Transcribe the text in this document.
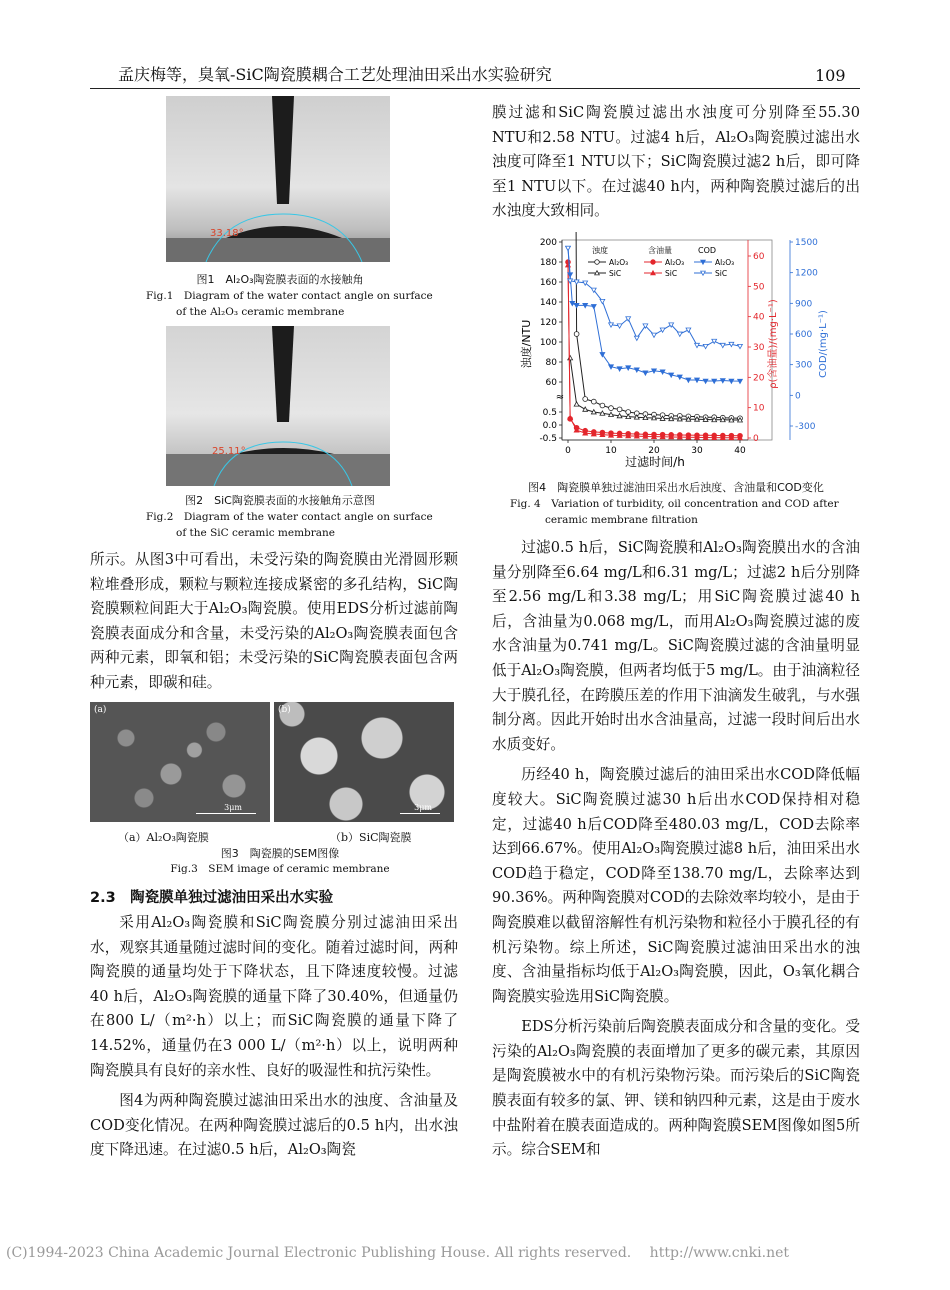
孟庆梅等，臭氧-SiC陶瓷膜耦合工艺处理油田采出水实验研究	109
33.18°
图1　Al₂O₃陶瓷膜表面的水接触角
Fig.1　Diagram of the water contact angle on surface
of the Al₂O₃ ceramic membrane
25.11°
图2　SiC陶瓷膜表面的水接触角示意图
Fig.2　Diagram of the water contact angle on surface
of the SiC ceramic membrane

所示。从图3中可看出，未受污染的陶瓷膜由光滑圆形颗粒堆叠形成，颗粒与颗粒连接成紧密的多孔结构，SiC陶瓷膜颗粒间距大于Al₂O₃陶瓷膜。使用EDS分析过滤前陶瓷膜表面成分和含量，未受污染的Al₂O₃陶瓷膜表面包含两种元素，即氧和铝；未受污染的SiC陶瓷膜表面包含两种元素，即碳和硅。

(a)
3μm
(b)
3μm
（a）Al₂O₃陶瓷膜	（b）SiC陶瓷膜
图3　陶瓷膜的SEM图像
Fig.3　SEM image of ceramic membrane
2.3　陶瓷膜单独过滤油田采出水实验

采用Al₂O₃陶瓷膜和SiC陶瓷膜分别过滤油田采出水，观察其通量随过滤时间的变化。随着过滤时间，两种陶瓷膜的通量均处于下降状态，且下降速度较慢。过滤40 h后，Al₂O₃陶瓷膜的通量下降了30.40%，但通量仍在800 L/（m²·h）以上；而SiC陶瓷膜的通量下降了14.52%，通量仍在3 000 L/（m²·h）以上，说明两种陶瓷膜具有良好的亲水性、良好的吸湿性和抗污染性。

图4为两种陶瓷膜过滤油田采出水的浊度、含油量及COD变化情况。在两种陶瓷膜过滤后的0.5 h内，出水浊度下降迅速。在过滤0.5 h后，Al₂O₃陶瓷

膜过滤和SiC陶瓷膜过滤出水浊度可分别降至55.30 NTU和2.58 NTU。过滤4 h后，Al₂O₃陶瓷膜过滤出水浊度可降至1 NTU以下；SiC陶瓷膜过滤2 h后，即可降至1 NTU以下。在过滤40 h内，两种陶瓷膜过滤后的出水浊度大致相同。

200
180
160
140
120
100
80
60
0.5
0.0
-0.5
≈
60
50
40
30
20
10
0
1500
1200
900
600
300
0
-300
0	10	20	30	40
浊度/NTU	ρ(含油量)/(mg·L⁻¹)	COD/(mg·L⁻¹)
过滤时间/h
浊度	含油量	COD
Al₂O₃
SiC
Al₂O₃
SiC
Al₂O₃
SiC
图4　陶瓷膜单独过滤油田采出水后浊度、含油量和COD变化
Fig. 4　Variation of turbidity, oil concentration and COD after
ceramic membrane filtration

过滤0.5 h后，SiC陶瓷膜和Al₂O₃陶瓷膜出水的含油量分别降至6.64 mg/L和6.31 mg/L；过滤2 h后分别降至2.56 mg/L和3.38 mg/L；用SiC陶瓷膜过滤40 h后，含油量为0.068 mg/L，而用Al₂O₃陶瓷膜过滤的废水含油量为0.741 mg/L。SiC陶瓷膜过滤的含油量明显低于Al₂O₃陶瓷膜，但两者均低于5 mg/L。由于油滴粒径大于膜孔径，在跨膜压差的作用下油滴发生破乳，与水强制分离。因此开始时出水含油量高，过滤一段时间后出水水质变好。

历经40 h，陶瓷膜过滤后的油田采出水COD降低幅度较大。SiC陶瓷膜过滤30 h后出水COD保持相对稳定，过滤40 h后COD降至480.03 mg/L，COD去除率达到66.67%。使用Al₂O₃陶瓷膜过滤8 h后，油田采出水COD趋于稳定，COD降至138.70 mg/L，去除率达到90.36%。两种陶瓷膜对COD的去除效率均较小，是由于陶瓷膜难以截留溶解性有机污染物和粒径小于膜孔径的有机污染物。综上所述，SiC陶瓷膜过滤油田采出水的浊度、含油量指标均低于Al₂O₃陶瓷膜，因此，O₃氧化耦合陶瓷膜实验选用SiC陶瓷膜。

EDS分析污染前后陶瓷膜表面成分和含量的变化。受污染的Al₂O₃陶瓷膜的表面增加了更多的碳元素，其原因是陶瓷膜被水中的有机污染物污染。而污染后的SiC陶瓷膜表面有较多的氯、钾、镁和钠四种元素，这是由于废水中盐附着在膜表面造成的。两种陶瓷膜SEM图像如图5所示。综合SEM和

(C)1994-2023 China Academic Journal Electronic Publishing House. All rights reserved.　 http://www.cnki.net
